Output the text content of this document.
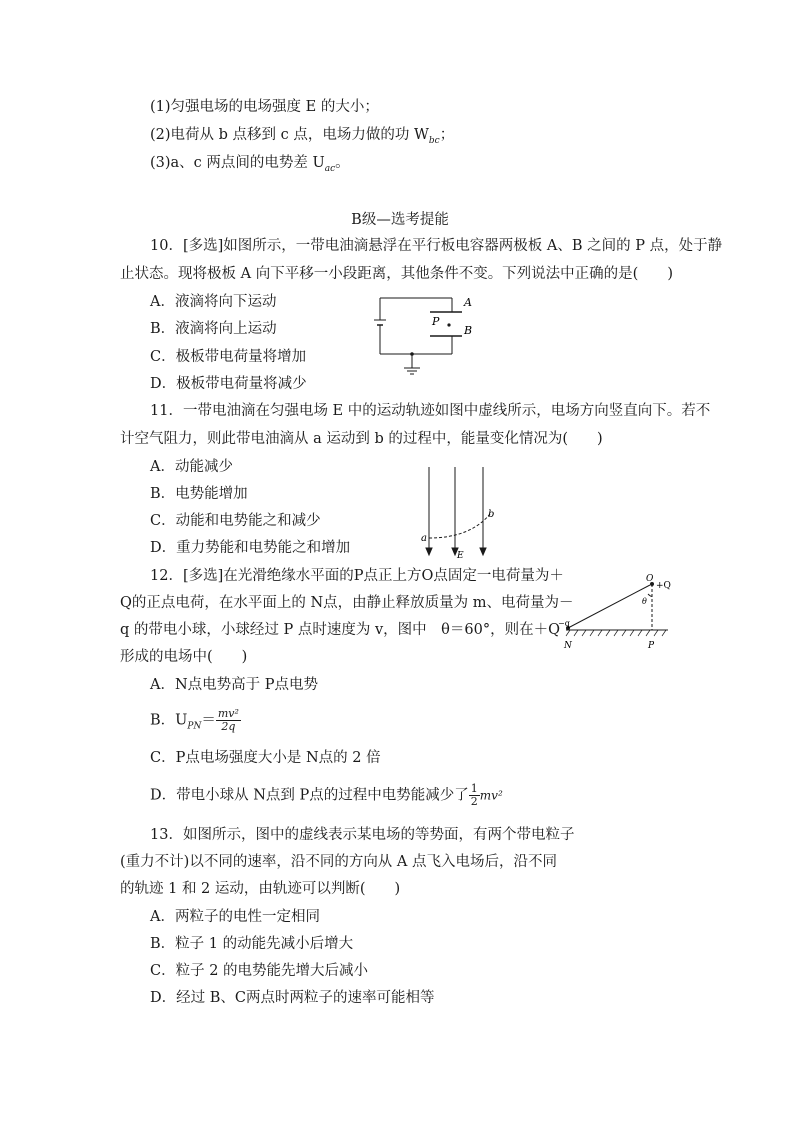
(1)匀强电场的电场强度 E 的大小；
(2)电荷从 b 点移到 c 点，电场力做的功 $W_{bc}$；
(3)a、c 两点间的电势差 $U_{ac}$。
B级—选考提能
10．[多选]如图所示，一带电油滴悬浮在平行板电容器两极板 A、B 之间的 P 点，处于静
止状态。现将极板 A 向下平移一小段距离，其他条件不变。下列说法中正确的是(　　)
A．液滴将向下运动
B．液滴将向上运动
C．极板带电荷量将增加
D．极板带电荷量将减少
A
B
P
11．一带电油滴在匀强电场 E 中的运动轨迹如图中虚线所示，电场方向竖直向下。若不
计空气阻力，则此带电油滴从 a 运动到 b 的过程中，能量变化情况为(　　)
A．动能减少
B．电势能增加
C．动能和电势能之和减少
D．重力势能和电势能之和增加
a
b
E
12．[多选]在光滑绝缘水平面的P点正上方O点固定一电荷量为＋
Q的正点电荷，在水平面上的 N点，由静止释放质量为 m、电荷量为－
q 的带电小球，小球经过 P 点时速度为 v，图中　θ＝60°，则在＋Q
形成的电场中(　　)
A．N点电势高于 P点电势
B．$U_{PN}= \frac{\text{mv²}}{2q}$
C．P点电场强度大小是 N点的 2 倍
D．带电小球从 N点到 P点的过程中电势能减少了 $\frac{1}{2} mv^2$
O
+Q
θ
−q
N	P
13．如图所示，图中的虚线表示某电场的等势面，有两个带电粒子
(重力不计)以不同的速率，沿不同的方向从 A 点飞入电场后，沿不同
的轨迹 1 和 2 运动，由轨迹可以判断(　　)
A．两粒子的电性一定相同
B．粒子 1 的动能先减小后增大
C．粒子 2 的电势能先增大后减小
D．经过 B、C两点时两粒子的速率可能相等
